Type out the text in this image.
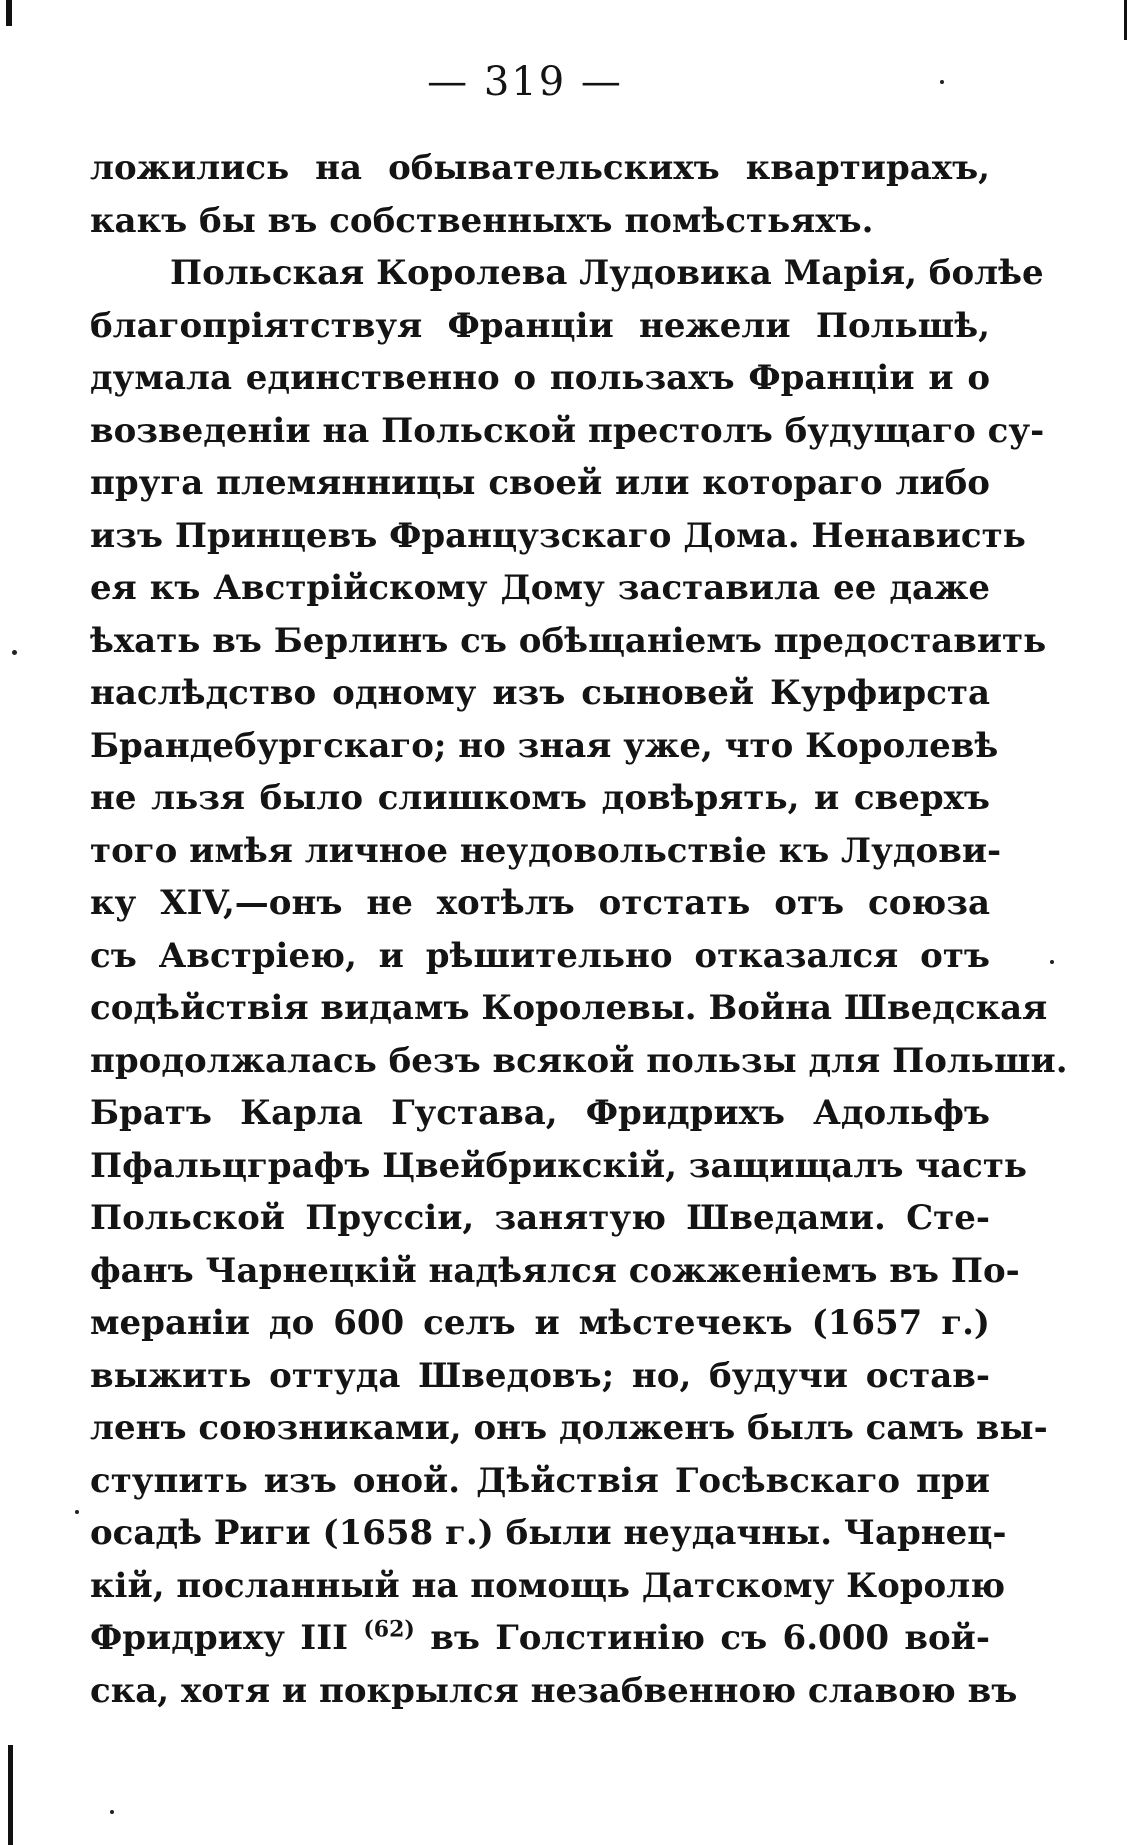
— 319 —
ложились на обывательскихъ квартирахъ,
какъ бы въ собственныхъ помѣстьяхъ.
Польская Королева Лудовика Марія, болѣе
благопріятствуя Франціи нежели Польшѣ,
думала единственно о пользахъ Франціи и о
возведеніи на Польской престолъ будущаго су-
пруга племянницы своей или котораго либо
изъ Принцевъ Французскаго Дома. Ненависть
ея къ Австрійскому Дому заставила ее даже
ѣхать въ Берлинъ съ обѣщаніемъ предоставить
наслѣдство одному изъ сыновей Курфирста
Брандебургскаго; но зная уже, что Королевѣ
не льзя было слишкомъ довѣрять, и сверхъ
того имѣя личное неудовольствіе къ Лудови-
ку XIV,—онъ не хотѣлъ отстать отъ союза
съ Австріею, и рѣшительно отказался отъ
содѣйствія видамъ Королевы. Война Шведская
продолжалась безъ всякой пользы для Польши.
Братъ Карла Густава, Фридрихъ Адольфъ
Пфальцграфъ Цвейбрикскій, защищалъ часть
Польской Пруссіи, занятую Шведами. Сте-
фанъ Чарнецкій надѣялся сожженіемъ въ По-
мераніи до 600 селъ и мѣстечекъ (1657 г.)
выжить оттуда Шведовъ; но, будучи остав-
ленъ союзниками, онъ долженъ былъ самъ вы-
ступить изъ оной. Дѣйствія Госѣвскаго при
осадѣ Риги (1658 г.) были неудачны. Чарнец-
кій, посланный на помощь Датскому Королю
Фридриху III $^{(62)}$ въ Голстинію съ 6.000 вой-
ска, хотя и покрылся незабвенною славою въ
